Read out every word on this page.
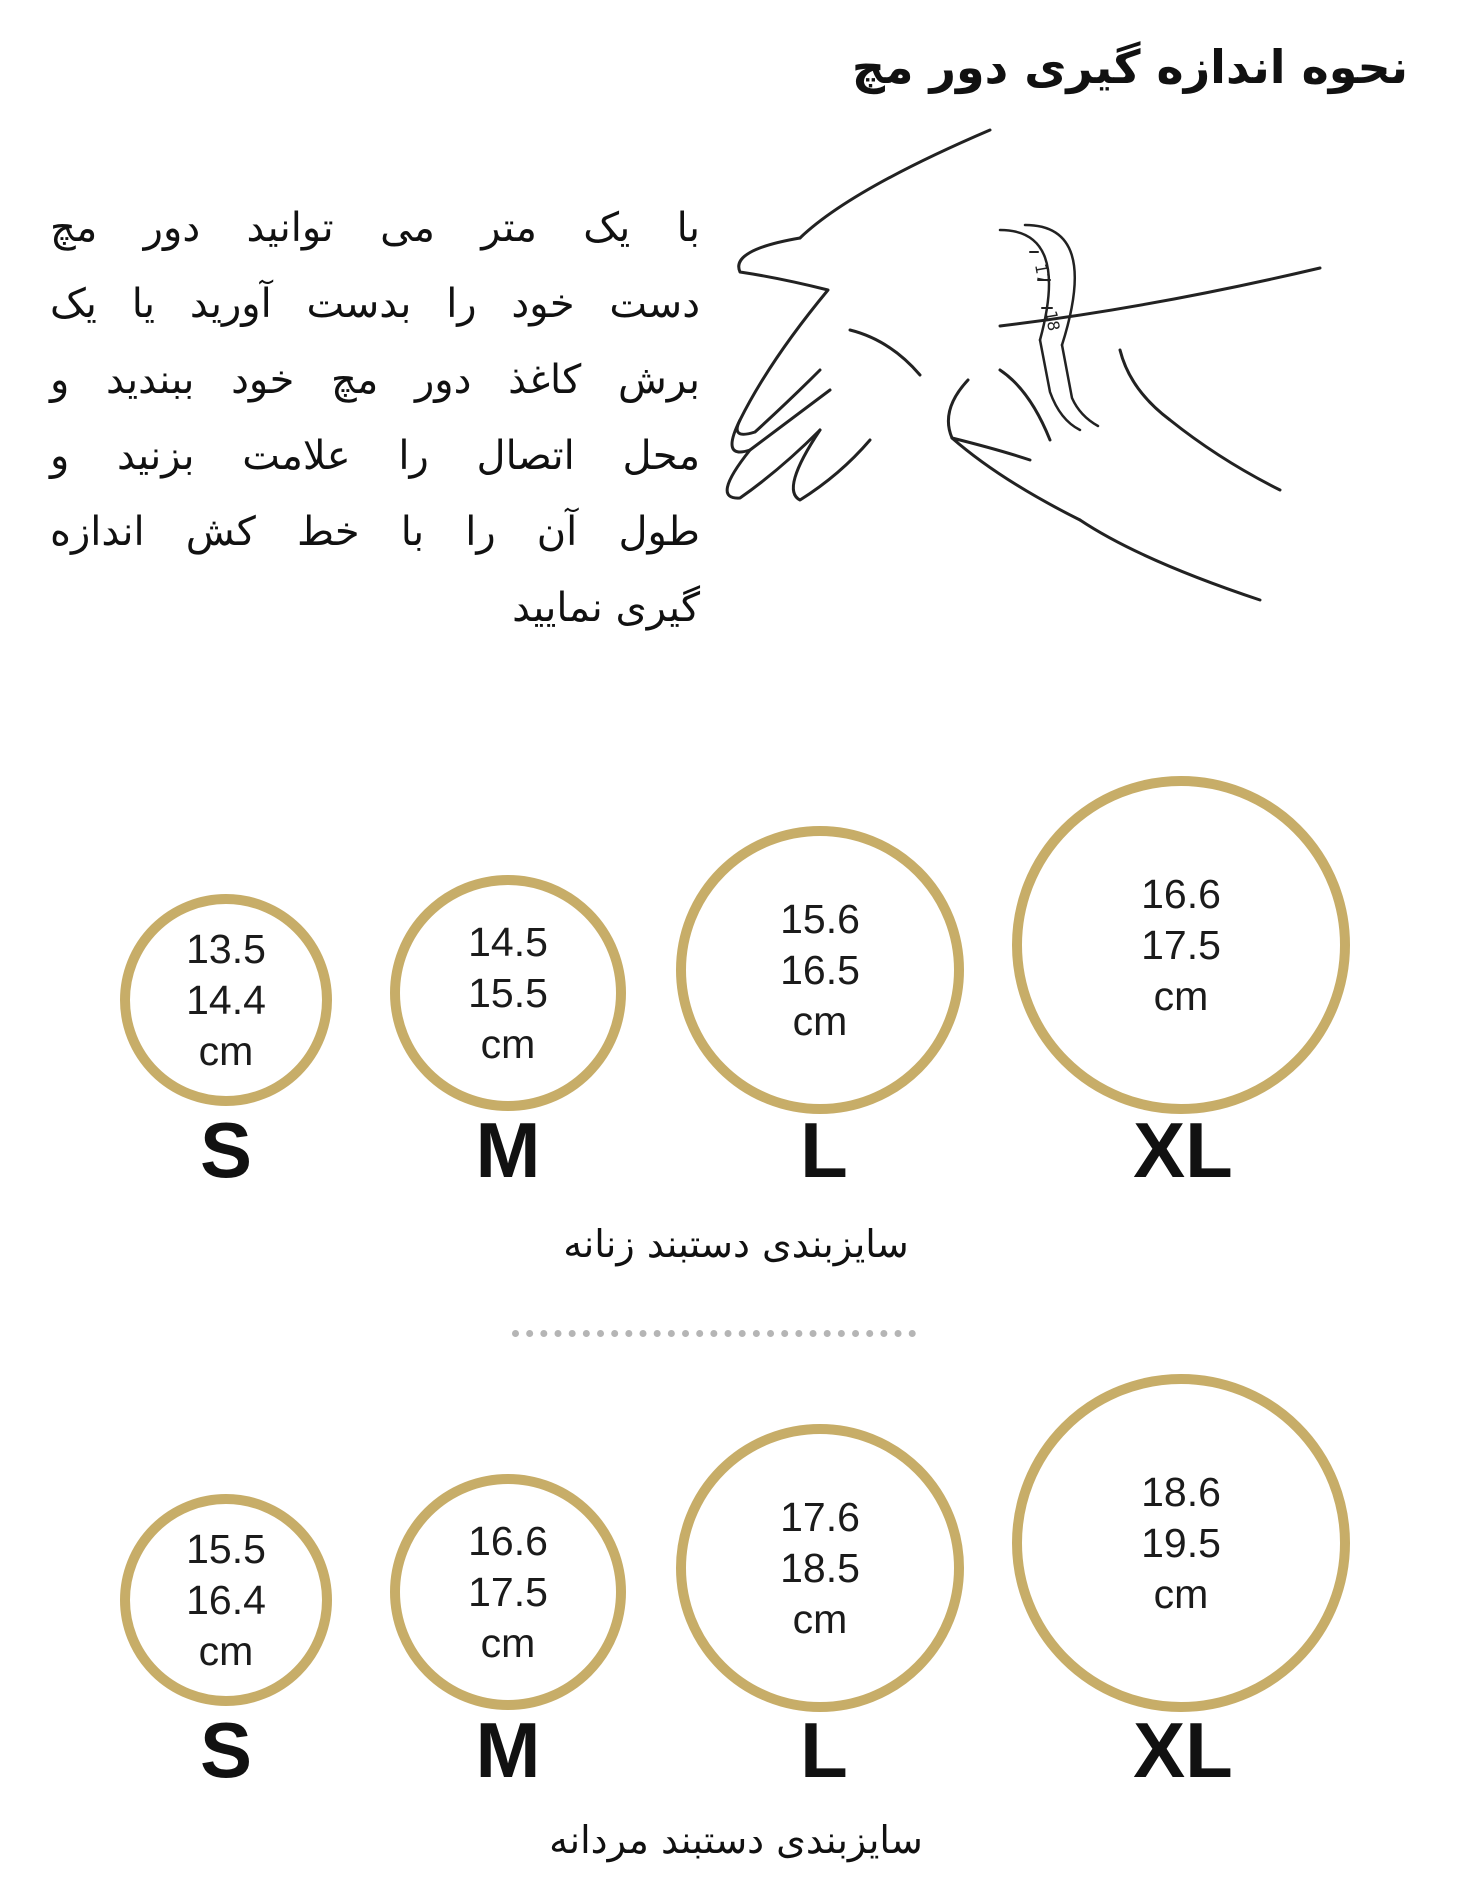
نحوه اندازه گیری دور مچ
با یک متر می توانید دور مچ
دست خود را بدست آورید یا یک
برش کاغذ دور مچ خود ببندید و
محل اتصال را علامت بزنید و
طول آن را با خط کش اندازه
گیری نمایید
17
18
13.5
14.4
cm
S
14.5
15.5
cm
M
15.6
16.5
cm
L
16.6
17.5
cm
XL
سایزبندی دستبند زنانه
15.5
16.4
cm
S
16.6
17.5
cm
M
17.6
18.5
cm
L
18.6
19.5
cm
XL
سایزبندی دستبند مردانه
